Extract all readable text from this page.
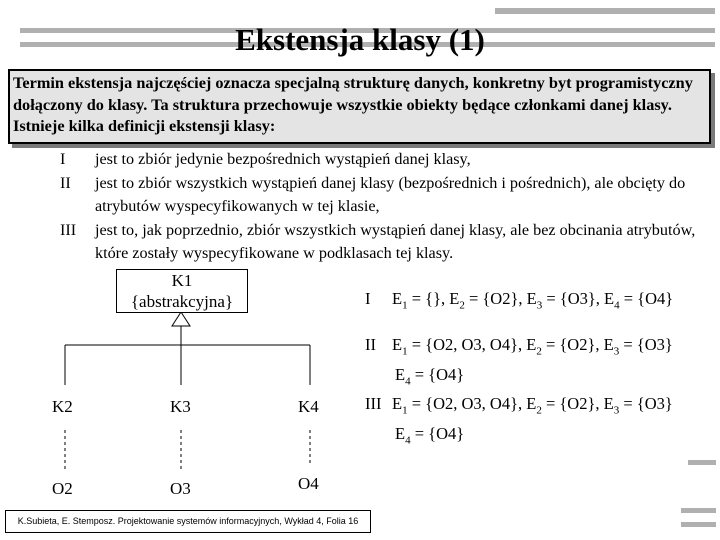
Ekstensja klasy (1)

Termin ekstensja najczęściej oznacza specjalną strukturę danych, konkretny byt programistyczny dołączony do klasy. Ta struktura przechowuje wszystkie obiekty będące członkami danej klasy. Istnieje kilka definicji ekstensji klasy:

I	jest to zbiór jedynie bezpośrednich wystąpień danej klasy,
II	jest to zbiór wszystkich wystąpień danej klasy (bezpośrednich i pośrednich), ale obcięty do atrybutów wyspecyfikowanych w tej klasie,
III	jest to, jak poprzednio, zbiór wszystkich wystąpień danej klasy, ale bez obcinania atrybutów, które zostały wyspecyfikowane w podklasach tej klasy.
K1
{abstrakcyjna}
K2	K3	K4
O2	O3	O4
I $E_1$ = {}, $E_2 = \{O2\}$, $E_3 = \{O3\}$, $E_4 = \{O4\}$
II $E_1 = \{O2$, O3, O4}, $E_2 = \{O2\}$, $E_3 = \{O3\}$
$E_4 = \{O4\}$
III $E_1 = \{O2$, O3, O4}, $E_2 = \{O2\}$, $E_3 = \{O3\}$
$E_4 = \{O4\}$
K.Subieta, E. Stemposz. Projektowanie systemów informacyjnych, Wykład 4, Folia 16
